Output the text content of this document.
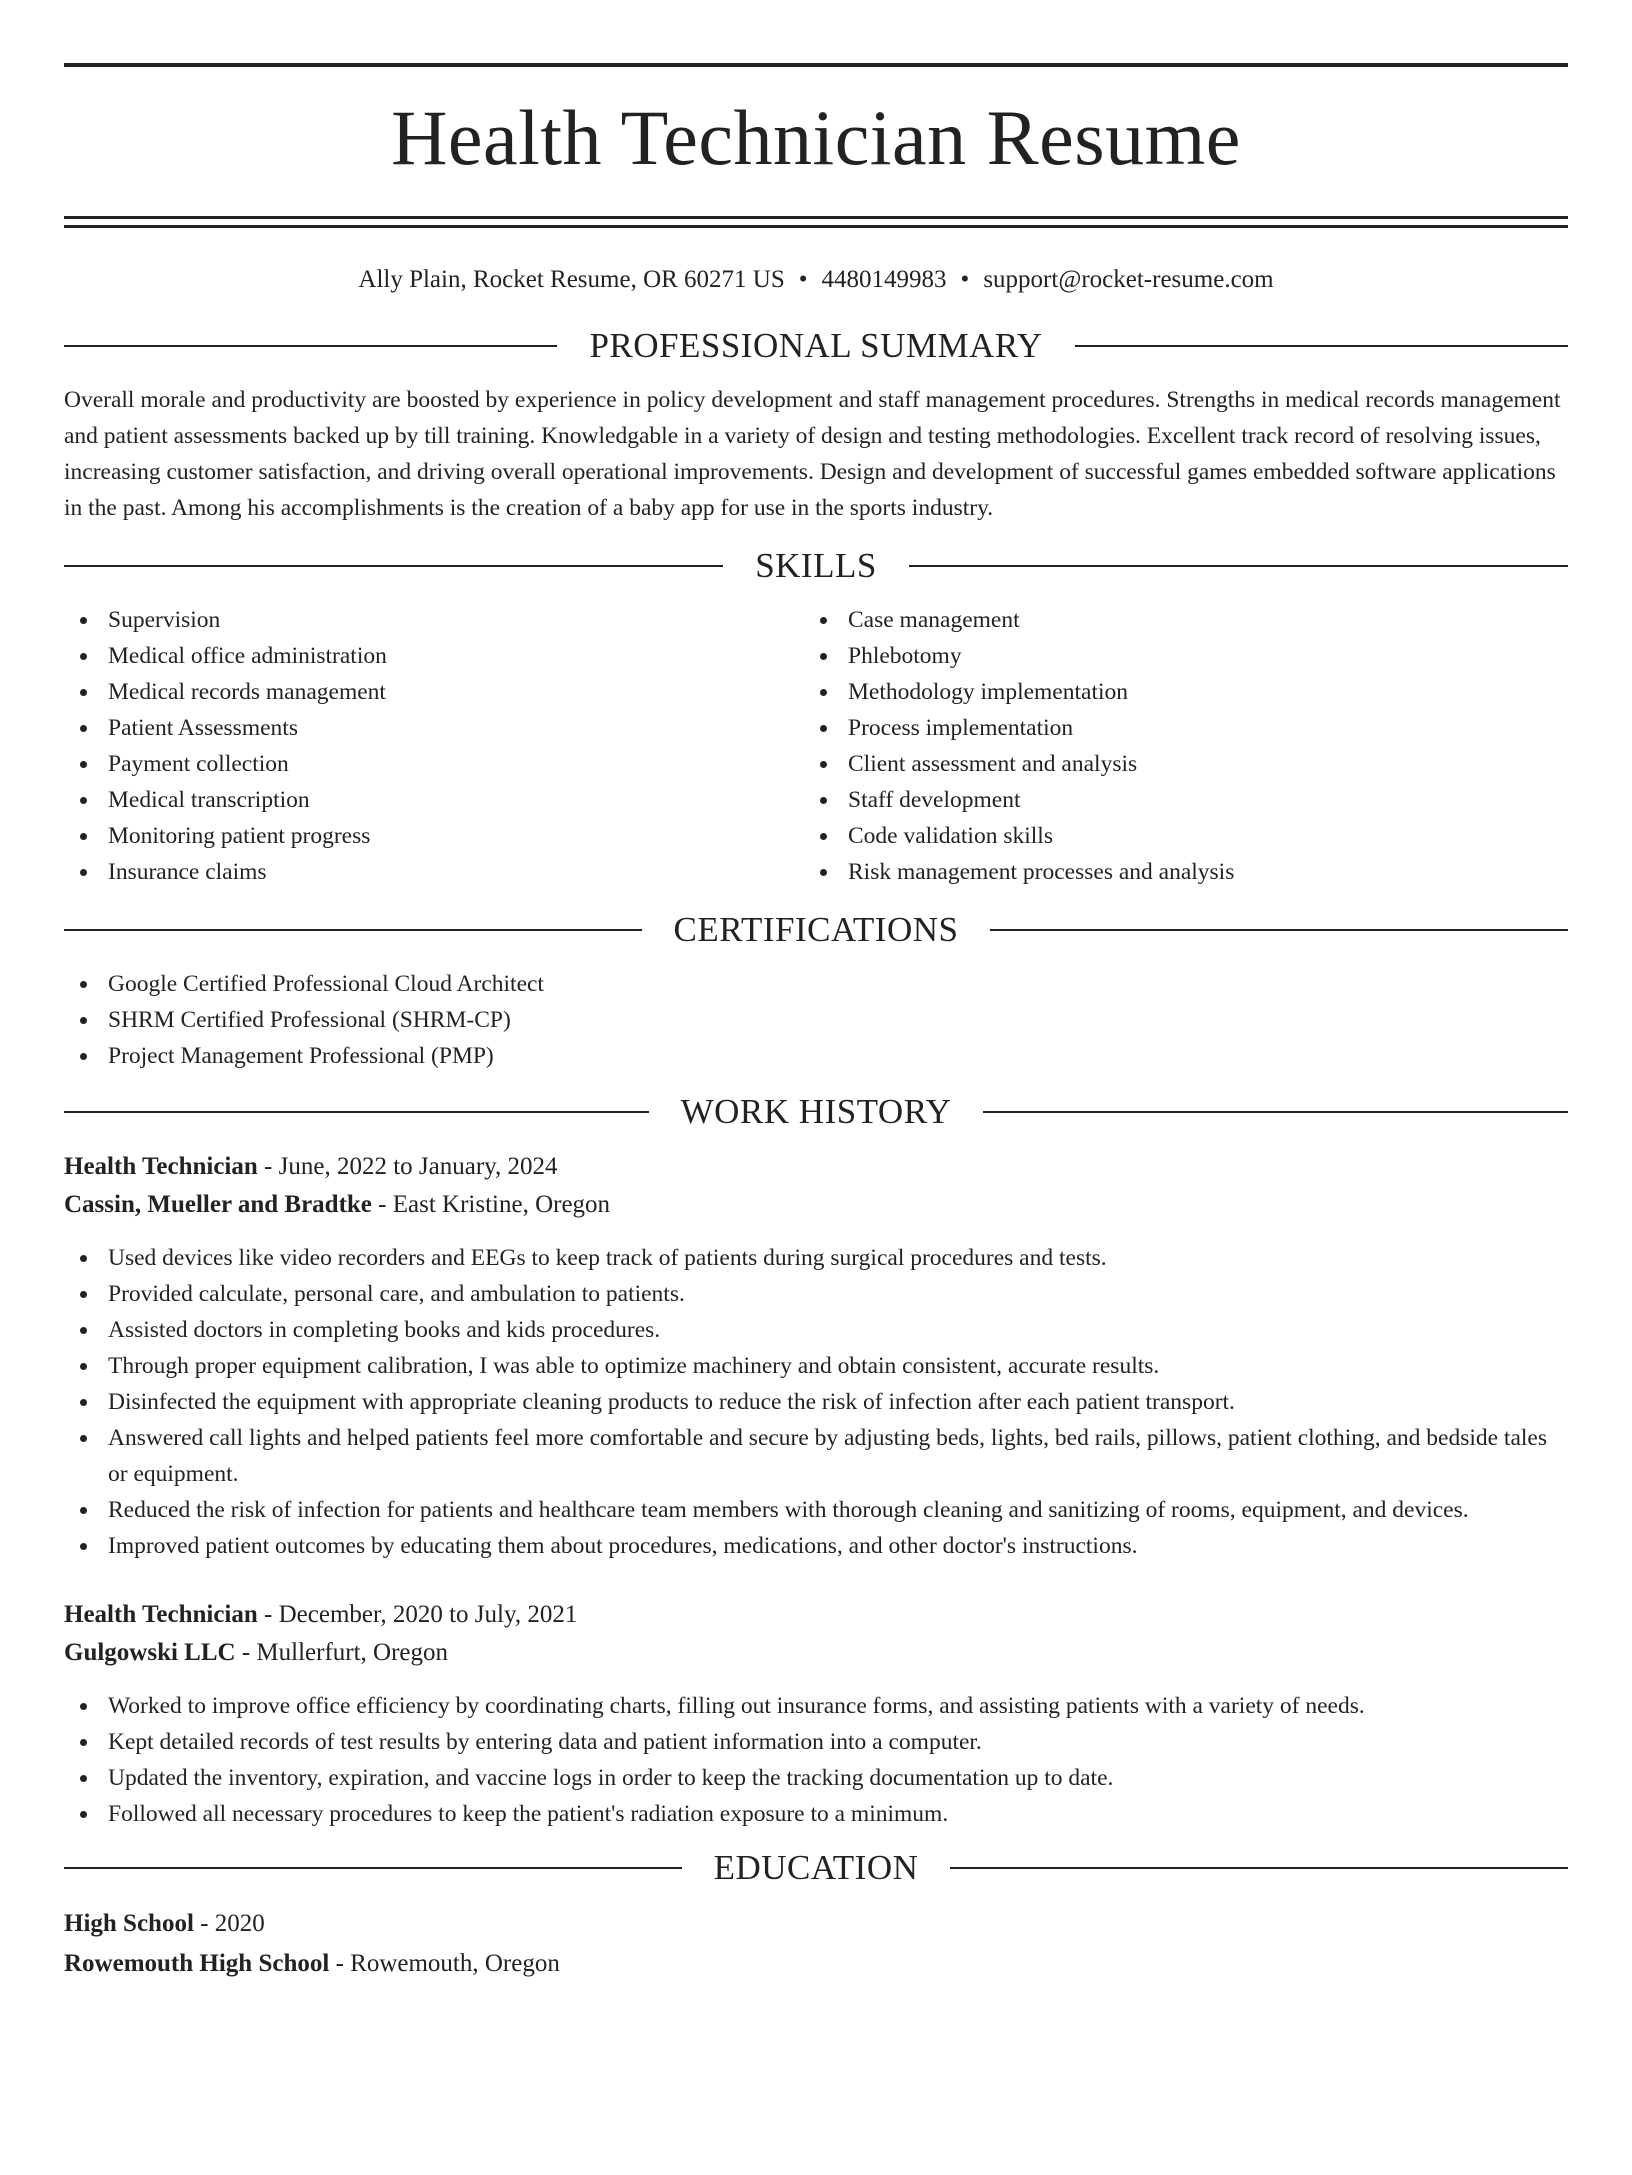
Health Technician Resume
Ally Plain, Rocket Resume, OR 60271 US • 4480149983 • support@rocket-resume.com
PROFESSIONAL SUMMARY

Overall morale and productivity are boosted by experience in policy development and staff management procedures. Strengths in medical records management and patient assessments backed up by till training. Knowledgable in a variety of design and testing methodologies. Excellent track record of resolving issues, increasing customer satisfaction, and driving overall operational improvements. Design and development of successful games embedded software applications in the past. Among his accomplishments is the creation of a baby app for use in the sports industry.

SKILLS
Supervision
Medical office administration
Medical records management
Patient Assessments
Payment collection
Medical transcription
Monitoring patient progress
Insurance claims
Case management
Phlebotomy
Methodology implementation
Process implementation
Client assessment and analysis
Staff development
Code validation skills
Risk management processes and analysis
CERTIFICATIONS
Google Certified Professional Cloud Architect
SHRM Certified Professional (SHRM-CP)
Project Management Professional (PMP)
WORK HISTORY
Health Technician - June, 2022 to January, 2024
Cassin, Mueller and Bradtke - East Kristine, Oregon
Used devices like video recorders and EEGs to keep track of patients during surgical procedures and tests.
Provided calculate, personal care, and ambulation to patients.
Assisted doctors in completing books and kids procedures.
Through proper equipment calibration, I was able to optimize machinery and obtain consistent, accurate results.
Disinfected the equipment with appropriate cleaning products to reduce the risk of infection after each patient transport.
Answered call lights and helped patients feel more comfortable and secure by adjusting beds, lights, bed rails, pillows, patient clothing, and bedside tales or equipment.
Reduced the risk of infection for patients and healthcare team members with thorough cleaning and sanitizing of rooms, equipment, and devices.
Improved patient outcomes by educating them about procedures, medications, and other doctor's instructions.
Health Technician - December, 2020 to July, 2021
Gulgowski LLC - Mullerfurt, Oregon
Worked to improve office efficiency by coordinating charts, filling out insurance forms, and assisting patients with a variety of needs.
Kept detailed records of test results by entering data and patient information into a computer.
Updated the inventory, expiration, and vaccine logs in order to keep the tracking documentation up to date.
Followed all necessary procedures to keep the patient's radiation exposure to a minimum.
EDUCATION
High School - 2020
Rowemouth High School - Rowemouth, Oregon
